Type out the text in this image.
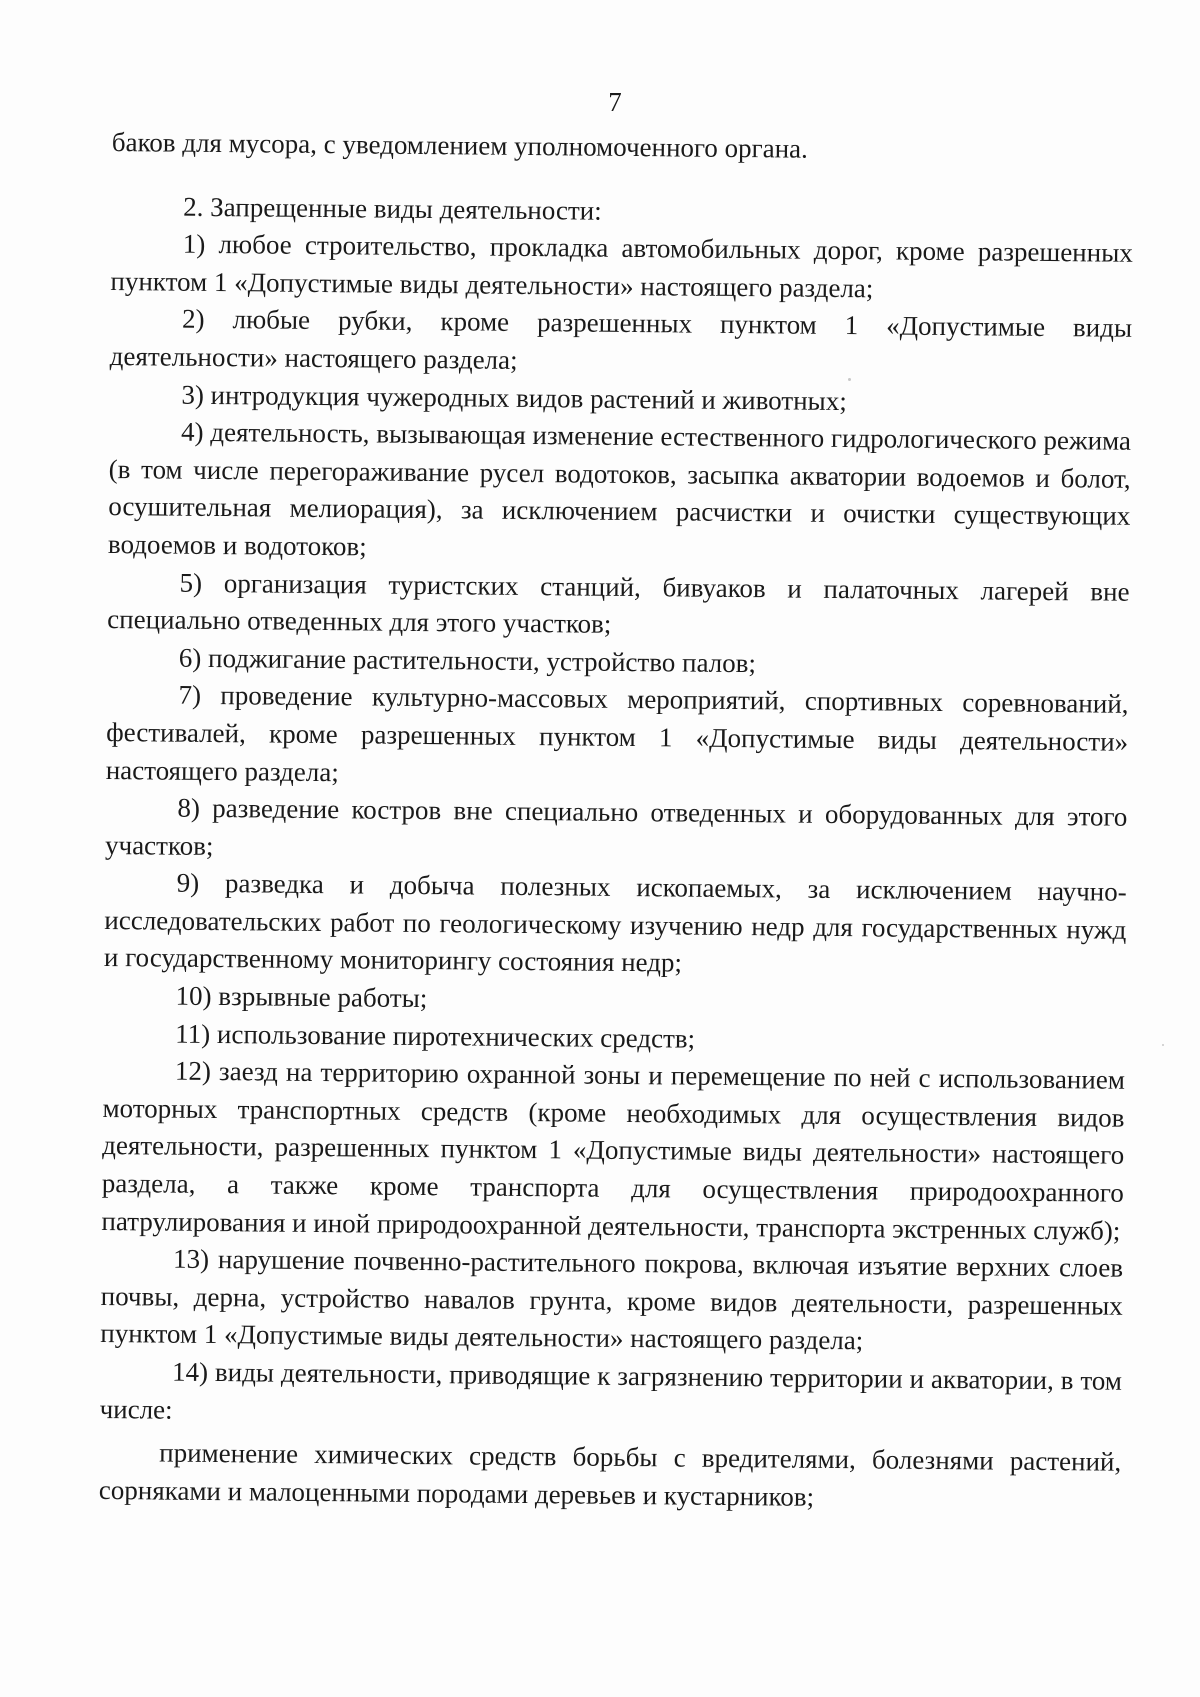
7

баков для мусора, с уведомлением уполномоченного органа.

2. Запрещенные виды деятельности:

1) любое строительство, прокладка автомобильных дорог, кроме разрешенных пунктом 1 «Допустимые виды деятельности» настоящего раздела;

2) любые рубки, кроме разрешенных пунктом 1 «Допустимые виды деятельности» настоящего раздела;

3) интродукция чужеродных видов растений и животных;

4) деятельность, вызывающая изменение естественного гидрологического режима (в том числе перегораживание русел водотоков, засыпка акватории водоемов и болот, осушительная мелиорация), за исключением расчистки и очистки существующих водоемов и водотоков;

5) организация туристских станций, бивуаков и палаточных лагерей вне специально отведенных для этого участков;

6) поджигание растительности, устройство палов;

7) проведение культурно-массовых мероприятий, спортивных соревнований, фестивалей, кроме разрешенных пунктом 1 «Допустимые виды деятельности» настоящего раздела;

8) разведение костров вне специально отведенных и оборудованных для этого участков;

9) разведка и добыча полезных ископаемых, за исключением научно-исследовательских работ по геологическому изучению недр для государственных нужд и государственному мониторингу состояния недр;

10) взрывные работы;

11) использование пиротехнических средств;

12) заезд на территорию охранной зоны и перемещение по ней с использованием моторных транспортных средств (кроме необходимых для осуществления видов деятельности, разрешенных пунктом 1 «Допустимые виды деятельности» настоящего раздела, а также кроме транспорта для осуществления природоохранного патрулирования и иной природоохранной деятельности, транспорта экстренных служб);

13) нарушение почвенно-растительного покрова, включая изъятие верхних слоев почвы, дерна, устройство навалов грунта, кроме видов деятельности, разрешенных пунктом 1 «Допустимые виды деятельности» настоящего раздела;

14) виды деятельности, приводящие к загрязнению территории и акватории, в том числе:

применение химических средств борьбы с вредителями, болезнями растений, сорняками и малоценными породами деревьев и кустарников;
